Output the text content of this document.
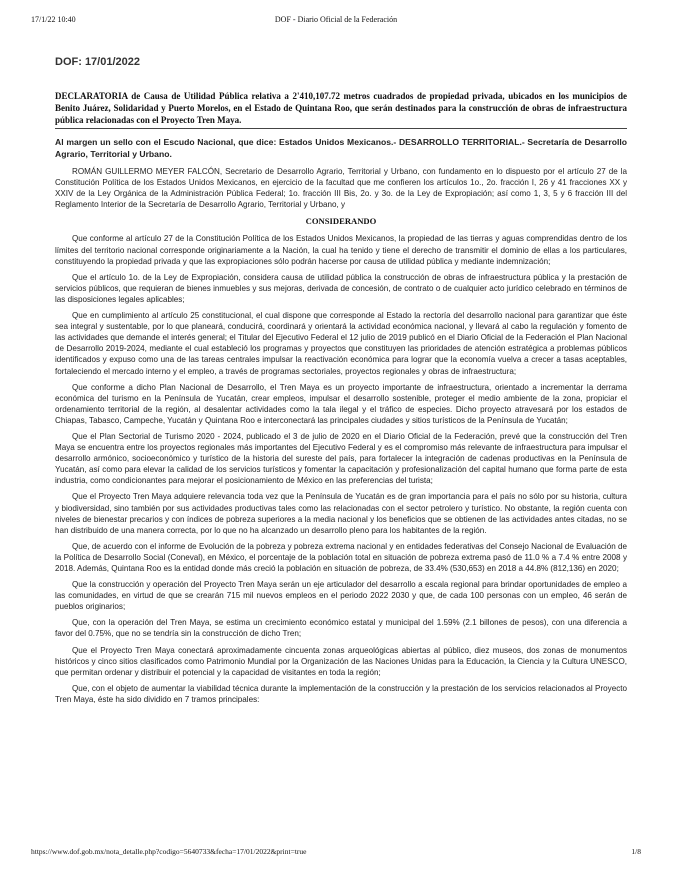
17/1/22 10:40	DOF - Diario Oficial de la Federación
DOF: 17/01/2022
DECLARATORIA de Causa de Utilidad Pública relativa a 2'410,107.72 metros cuadrados de propiedad privada, ubicados en los municipios de Benito Juárez, Solidaridad y Puerto Morelos, en el Estado de Quintana Roo, que serán destinados para la construcción de obras de infraestructura pública relacionadas con el Proyecto Tren Maya.
Al margen un sello con el Escudo Nacional, que dice: Estados Unidos Mexicanos.- DESARROLLO TERRITORIAL.- Secretaría de Desarrollo Agrario, Territorial y Urbano.

ROMÁN GUILLERMO MEYER FALCÓN, Secretario de Desarrollo Agrario, Territorial y Urbano, con fundamento en lo dispuesto por el artículo 27 de la Constitución Política de los Estados Unidos Mexicanos, en ejercicio de la facultad que me confieren los artículos 1o., 2o. fracción I, 26 y 41 fracciones XX y XXIV de la Ley Orgánica de la Administración Pública Federal; 1o. fracción III Bis, 2o. y 3o. de la Ley de Expropiación; así como 1, 3, 5 y 6 fracción III del Reglamento Interior de la Secretaría de Desarrollo Agrario, Territorial y Urbano, y

CONSIDERANDO

Que conforme al artículo 27 de la Constitución Política de los Estados Unidos Mexicanos, la propiedad de las tierras y aguas comprendidas dentro de los límites del territorio nacional corresponde originariamente a la Nación, la cual ha tenido y tiene el derecho de transmitir el dominio de ellas a los particulares, constituyendo la propiedad privada y que las expropiaciones sólo podrán hacerse por causa de utilidad pública y mediante indemnización;

Que el artículo 1o. de la Ley de Expropiación, considera causa de utilidad pública la construcción de obras de infraestructura pública y la prestación de servicios públicos, que requieran de bienes inmuebles y sus mejoras, derivada de concesión, de contrato o de cualquier acto jurídico celebrado en términos de las disposiciones legales aplicables;

Que en cumplimiento al artículo 25 constitucional, el cual dispone que corresponde al Estado la rectoría del desarrollo nacional para garantizar que éste sea integral y sustentable, por lo que planeará, conducirá, coordinará y orientará la actividad económica nacional, y llevará al cabo la regulación y fomento de las actividades que demande el interés general; el Titular del Ejecutivo Federal el 12 julio de 2019 publicó en el Diario Oficial de la Federación el Plan Nacional de Desarrollo 2019-2024, mediante el cual estableció los programas y proyectos que constituyen las prioridades de atención estratégica a problemas públicos identificados y expuso como una de las tareas centrales impulsar la reactivación económica para lograr que la economía vuelva a crecer a tasas aceptables, fortaleciendo el mercado interno y el empleo, a través de programas sectoriales, proyectos regionales y obras de infraestructura;

Que conforme a dicho Plan Nacional de Desarrollo, el Tren Maya es un proyecto importante de infraestructura, orientado a incrementar la derrama económica del turismo en la Península de Yucatán, crear empleos, impulsar el desarrollo sostenible, proteger el medio ambiente de la zona, propiciar el ordenamiento territorial de la región, al desalentar actividades como la tala ilegal y el tráfico de especies. Dicho proyecto atravesará por los estados de Chiapas, Tabasco, Campeche, Yucatán y Quintana Roo e interconectará las principales ciudades y sitios turísticos de la Península de Yucatán;

Que el Plan Sectorial de Turismo 2020 - 2024, publicado el 3 de julio de 2020 en el Diario Oficial de la Federación, prevé que la construcción del Tren Maya se encuentra entre los proyectos regionales más importantes del Ejecutivo Federal y es el compromiso más relevante de infraestructura para impulsar el desarrollo armónico, socioeconómico y turístico de la historia del sureste del país, para fortalecer la integración de cadenas productivas en la Península de Yucatán, así como para elevar la calidad de los servicios turísticos y fomentar la capacitación y profesionalización del capital humano que forma parte de esta industria, como condicionantes para mejorar el posicionamiento de México en las preferencias del turista;

Que el Proyecto Tren Maya adquiere relevancia toda vez que la Península de Yucatán es de gran importancia para el país no sólo por su historia, cultura y biodiversidad, sino también por sus actividades productivas tales como las relacionadas con el sector petrolero y turístico. No obstante, la región cuenta con niveles de bienestar precarios y con índices de pobreza superiores a la media nacional y los beneficios que se obtienen de las actividades antes citadas, no se han distribuido de una manera correcta, por lo que no ha alcanzado un desarrollo pleno para los habitantes de la región.

Que, de acuerdo con el informe de Evolución de la pobreza y pobreza extrema nacional y en entidades federativas del Consejo Nacional de Evaluación de la Política de Desarrollo Social (Coneval), en México, el porcentaje de la población total en situación de pobreza extrema pasó de 11.0 % a 7.4 % entre 2008 y 2018. Además, Quintana Roo es la entidad donde más creció la población en situación de pobreza, de 33.4% (530,653) en 2018 a 44.8% (812,136) en 2020;

Que la construcción y operación del Proyecto Tren Maya serán un eje articulador del desarrollo a escala regional para brindar oportunidades de empleo a las comunidades, en virtud de que se crearán 715 mil nuevos empleos en el periodo 2022 2030 y que, de cada 100 personas con un empleo, 46 serán de pueblos originarios;

Que, con la operación del Tren Maya, se estima un crecimiento económico estatal y municipal del 1.59% (2.1 billones de pesos), con una diferencia a favor del 0.75%, que no se tendría sin la construcción de dicho Tren;

Que el Proyecto Tren Maya conectará aproximadamente cincuenta zonas arqueológicas abiertas al público, diez museos, dos zonas de monumentos históricos y cinco sitios clasificados como Patrimonio Mundial por la Organización de las Naciones Unidas para la Educación, la Ciencia y la Cultura UNESCO, que permitan ordenar y distribuir el potencial y la capacidad de visitantes en toda la región;

Que, con el objeto de aumentar la viabilidad técnica durante la implementación de la construcción y la prestación de los servicios relacionados al Proyecto Tren Maya, éste ha sido dividido en 7 tramos principales:

https://www.dof.gob.mx/nota_detalle.php?codigo=5640733&fecha=17/01/2022&print=true	1/8
